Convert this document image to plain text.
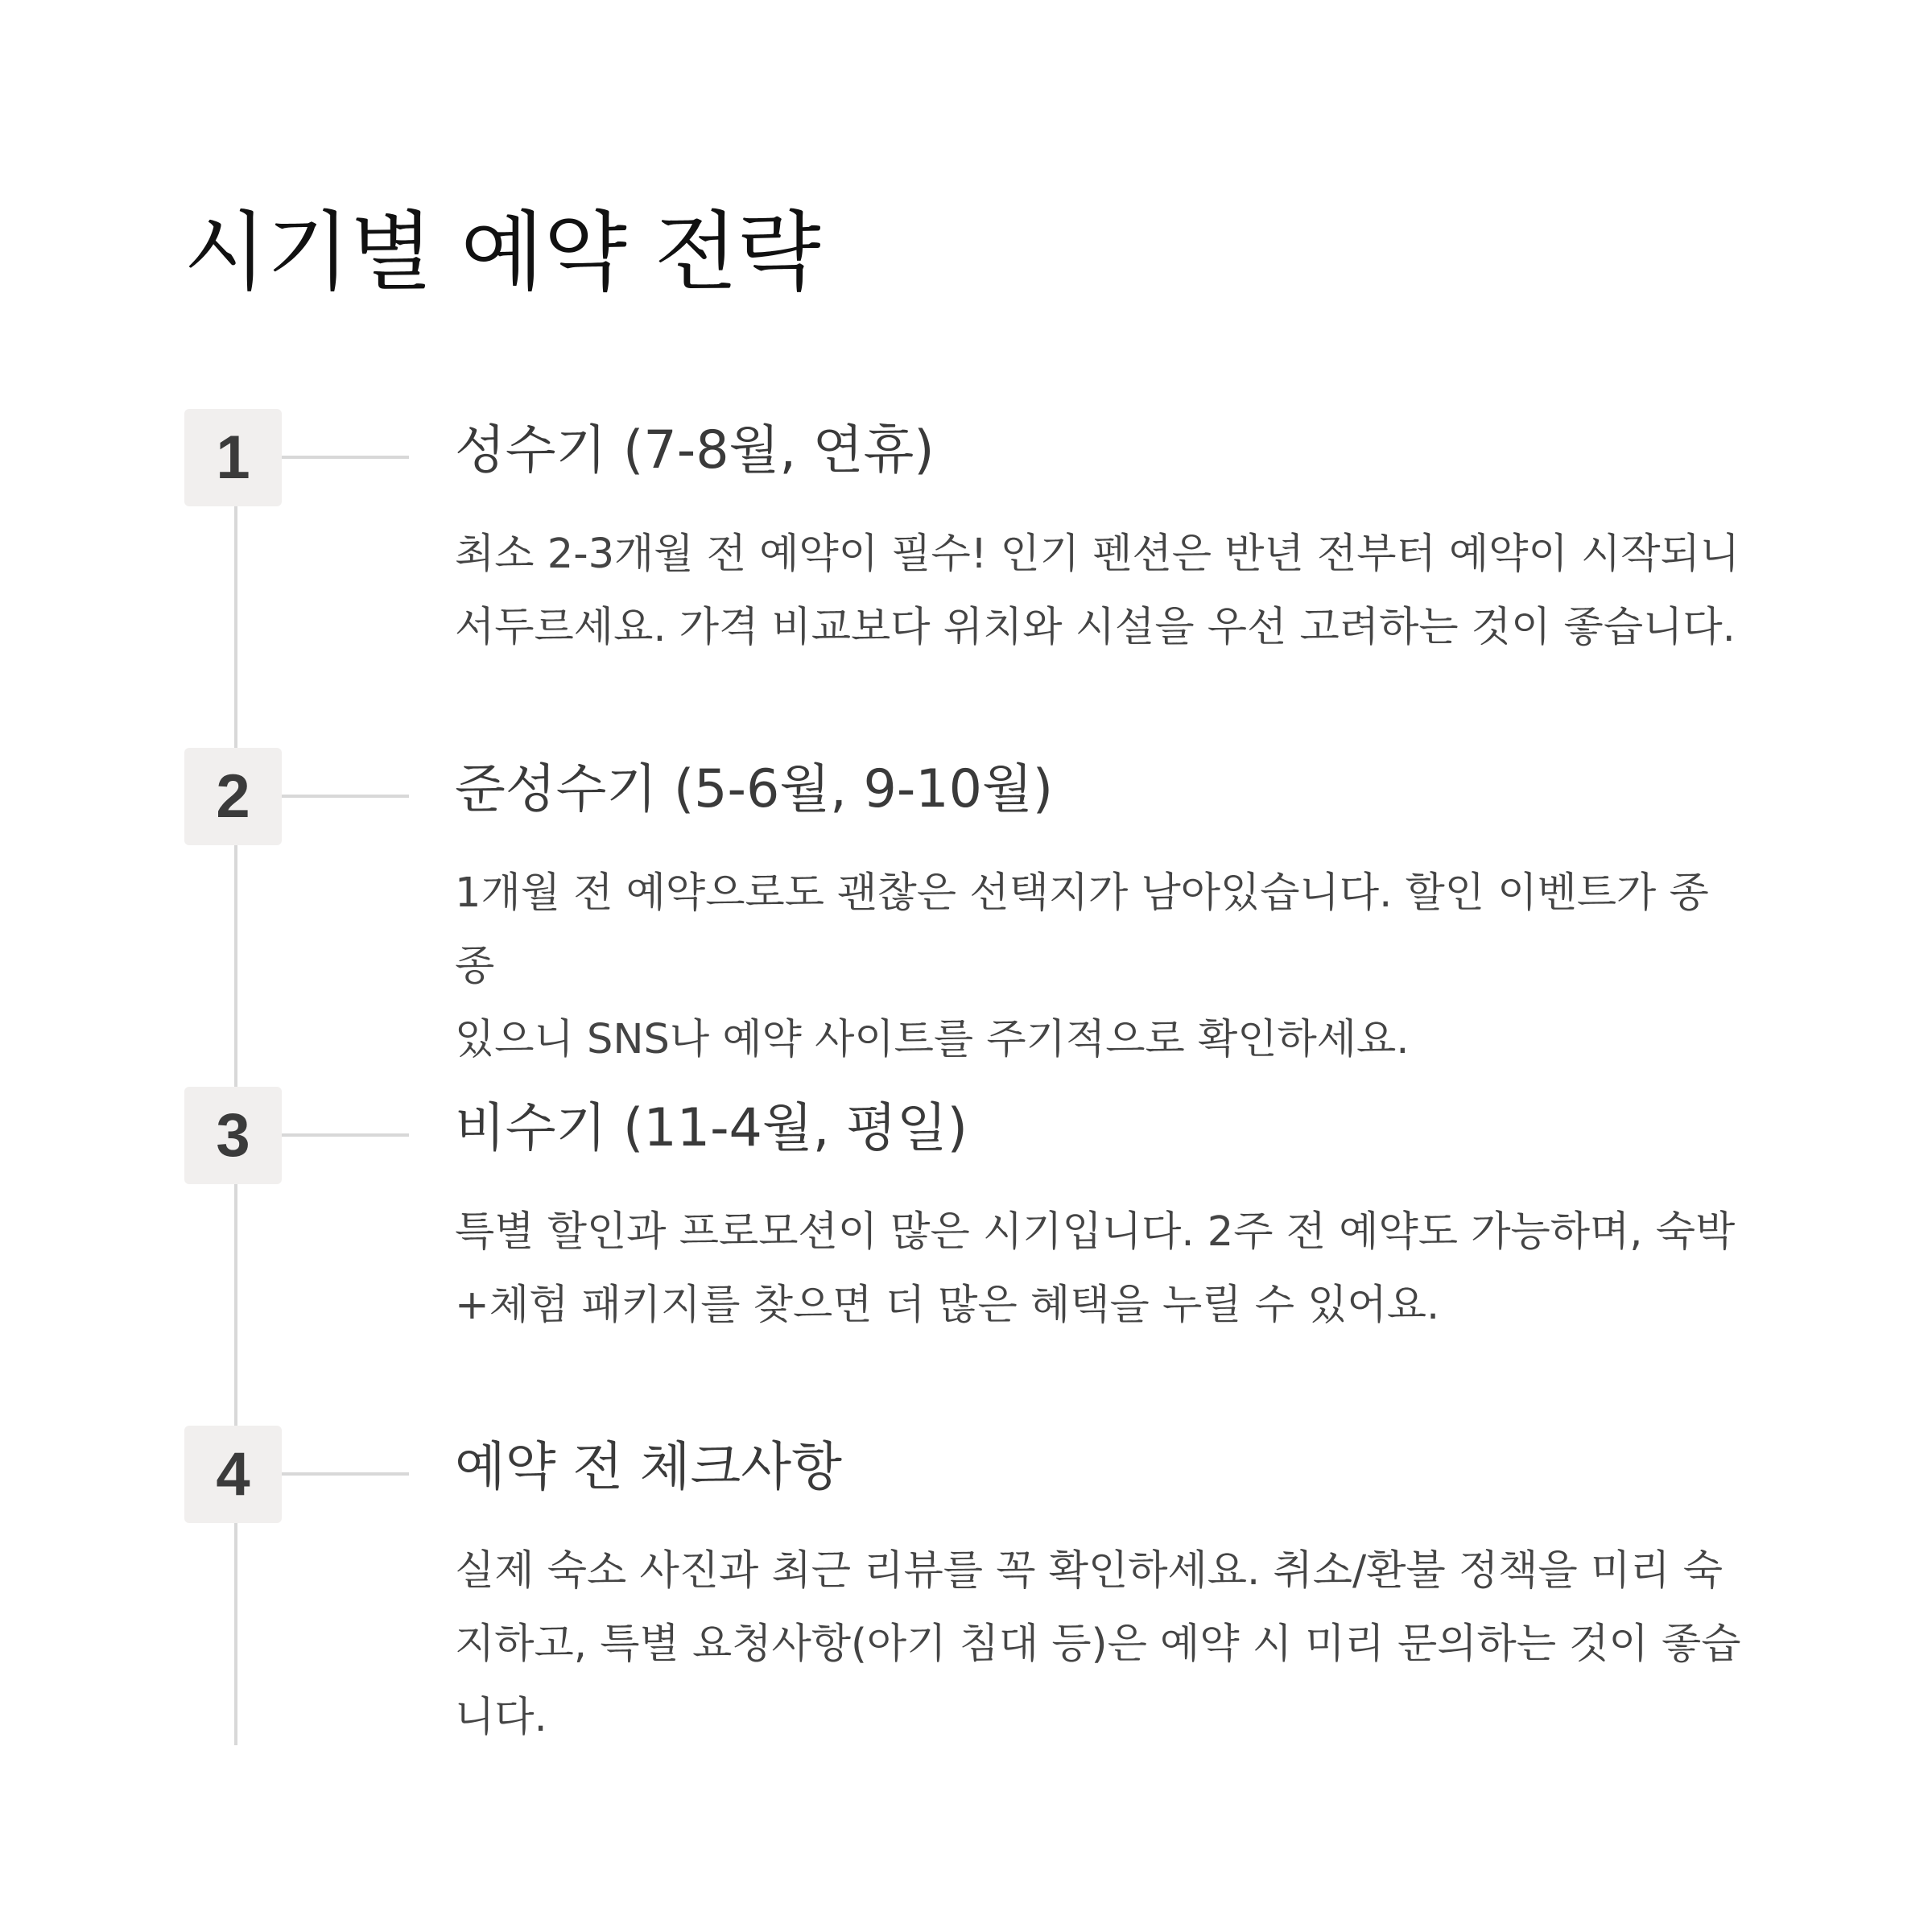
시기별 예약 전략
1	성수기 (7-8월, 연휴)

최소 2-3개월 전 예약이 필수! 인기 펜션은 반년 전부터 예약이 시작되니
서두르세요. 가격 비교보다 위치와 시설을 우선 고려하는 것이 좋습니다.

2	준성수기 (5-6월, 9-10월)

1개월 전 예약으로도 괜찮은 선택지가 남아있습니다. 할인 이벤트가 종종
있으니 SNS나 예약 사이트를 주기적으로 확인하세요.

3	비수기 (11-4월, 평일)

특별 할인과 프로모션이 많은 시기입니다. 2주 전 예약도 가능하며, 숙박
+체험 패키지를 찾으면 더 많은 혜택을 누릴 수 있어요.

4	예약 전 체크사항

실제 숙소 사진과 최근 리뷰를 꼭 확인하세요. 취소/환불 정책을 미리 숙
지하고, 특별 요청사항(아기 침대 등)은 예약 시 미리 문의하는 것이 좋습
니다.
